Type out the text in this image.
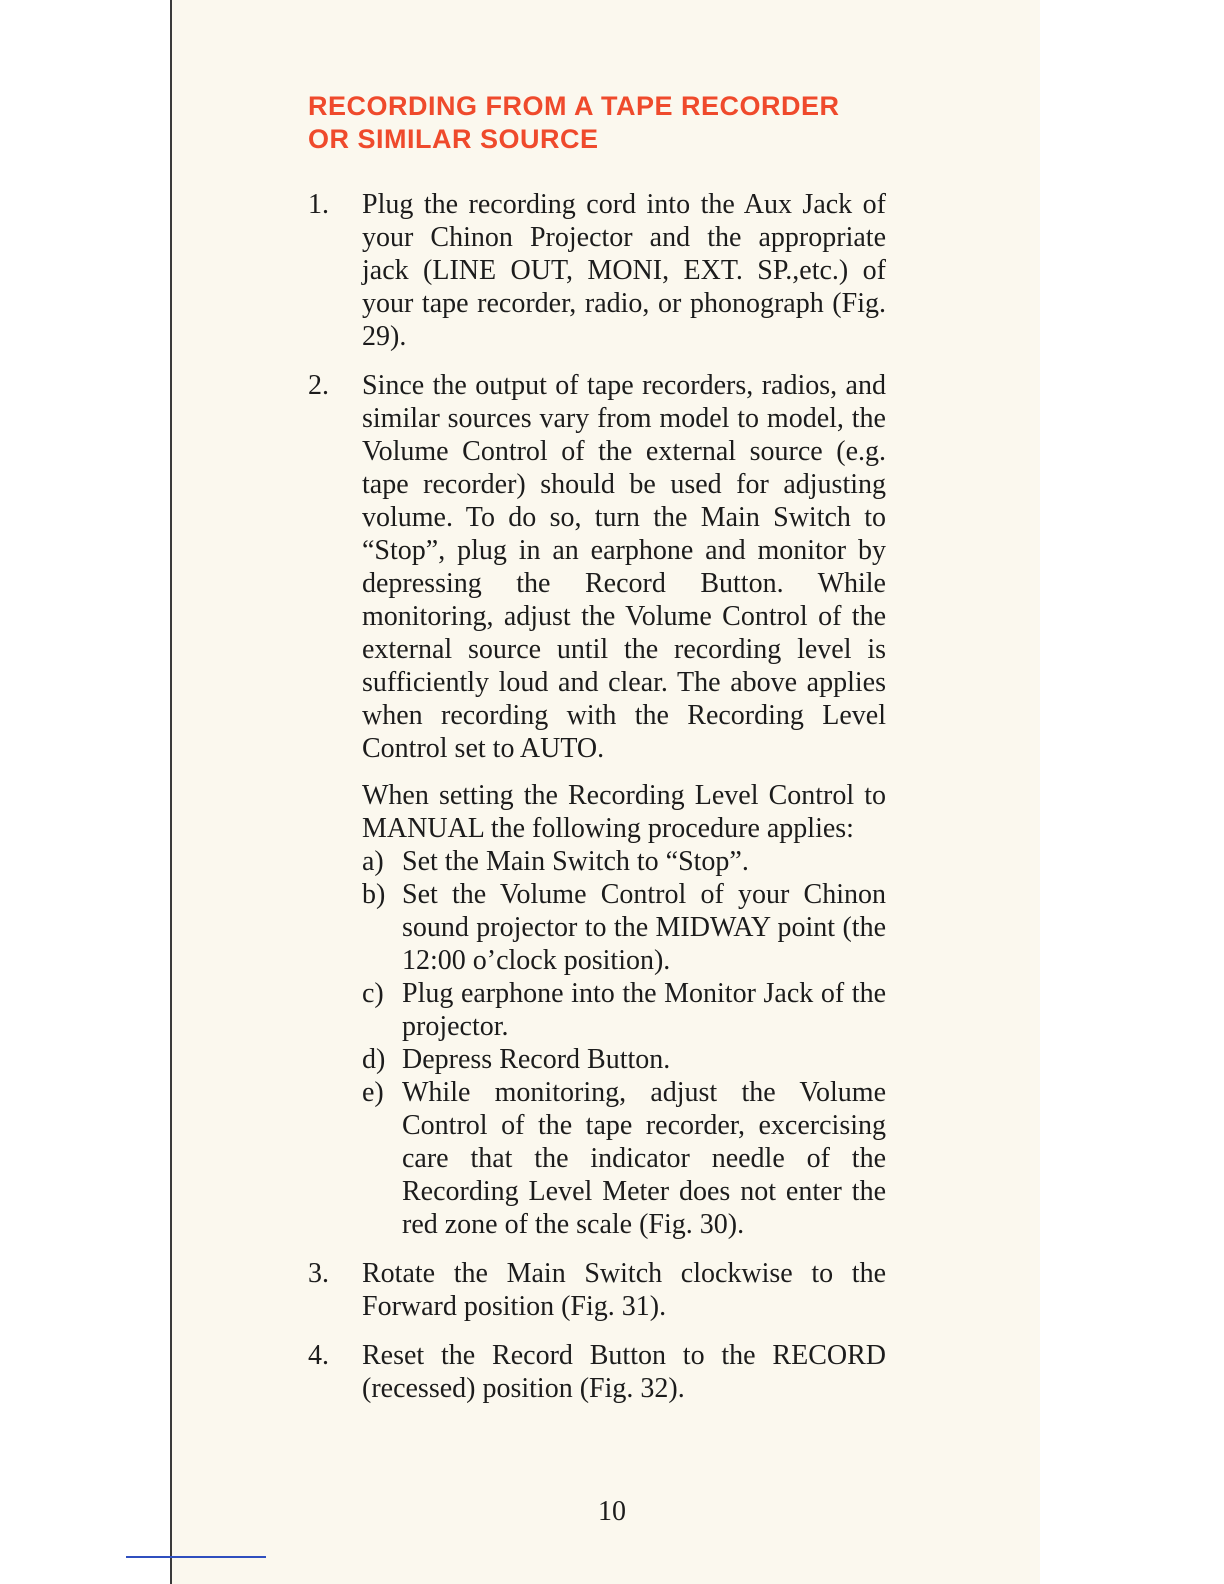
RECORDING FROM A TAPE RECORDER
OR SIMILAR SOURCE
1.	Plug the recording cord into the Aux Jack of your Chinon Projector and the appropriate jack (LINE OUT, MONI, EXT. SP.,etc.) of your tape recorder, radio, or phonograph (Fig. 29).

2.	Since the output of tape recorders, radios, and similar sources vary from model to model, the Volume Control of the external source (e.g. tape recorder) should be used for adjusting volume. To do so, turn the Main Switch to “Stop”, plug in an earphone and monitor by depressing the Record Button. While monitoring, adjust the Volume Control of the external source until the recording level is sufficiently loud and clear. The above applies when recording with the Recording Level Control set to AUTO.

When setting the Recording Level Control to MANUAL the following procedure applies:

a) Set the Main Switch to “Stop”.
b) Set the Volume Control of your Chinon sound projector to the MIDWAY point (the 12:00 o’clock position).
c) Plug earphone into the Monitor Jack of the projector.
d) Depress Record Button.
e) While monitoring, adjust the Volume Control of the tape recorder, excercising care that the indicator needle of the Recording Level Meter does not enter the red zone of the scale (Fig. 30).
3.	Rotate the Main Switch clockwise to the Forward position (Fig. 31).

4.	Reset the Record Button to the RECORD (recessed) position (Fig. 32).

10
